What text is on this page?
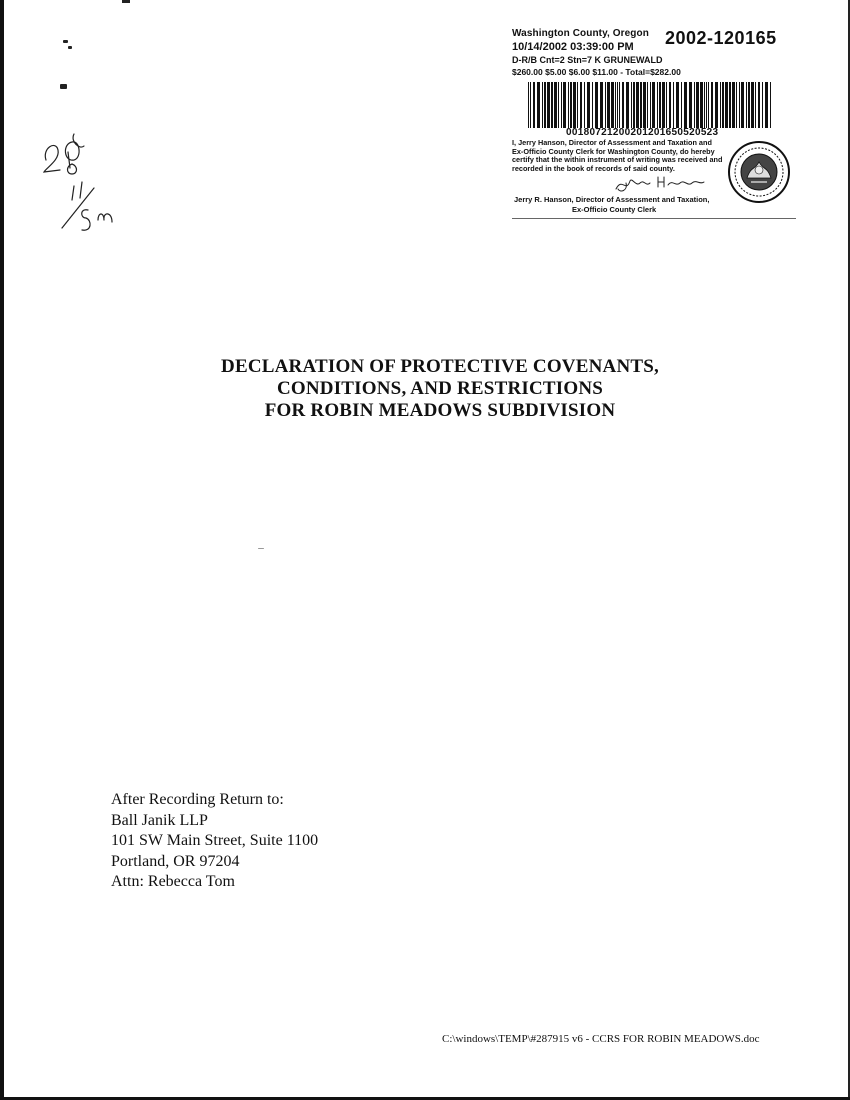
Washington County, Oregon 2002-120165
10/14/2002 03:39:00 PM
D-R/B Cnt=2 Stn=7 K GRUNEWALD
$260.00 $5.00 $6.00 $11.00 - Total=$282.00
00180721200201201650520523
I, Jerry Hanson, Director of Assessment and Taxation and Ex-Officio County Clerk for Washington County, do hereby certify that the within instrument of writing was received and recorded in the book of records of said county.
Jerry R. Hanson, Director of Assessment and Taxation,
Ex-Officio County Clerk
DECLARATION OF PROTECTIVE COVENANTS,
CONDITIONS, AND RESTRICTIONS
FOR ROBIN MEADOWS SUBDIVISION
After Recording Return to:
Ball Janik LLP
101 SW Main Street, Suite 1100
Portland, OR 97204
Attn: Rebecca Tom
C:\windows\TEMP\#287915 v6 - CCRS FOR ROBIN MEADOWS.doc
